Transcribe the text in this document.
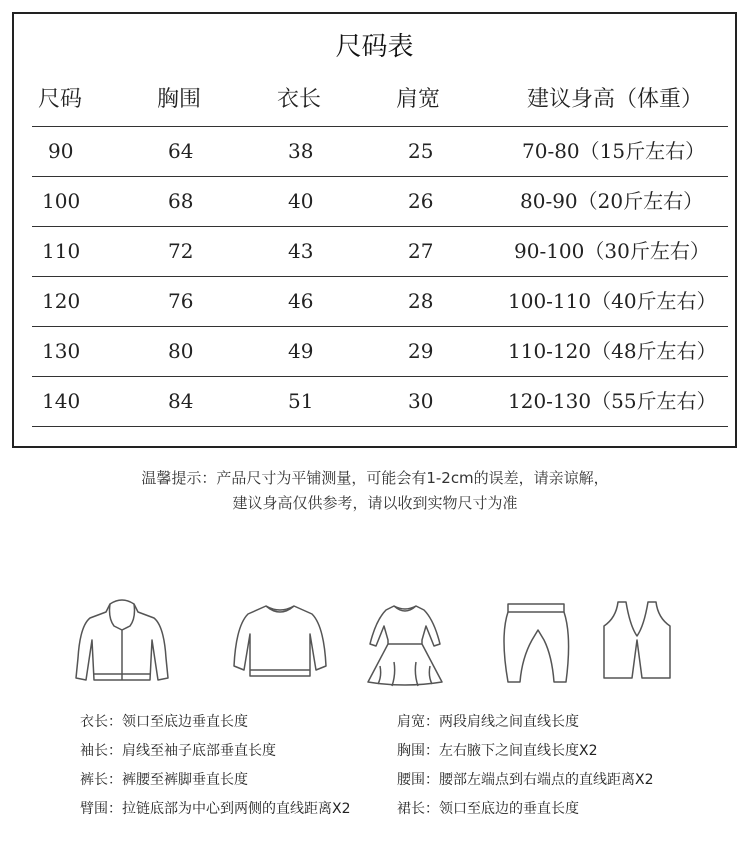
尺码表
尺码	胸围	衣长	肩宽	建议身高（体重）
90	64	38	25	70-80（15斤左右）
100	68	40	26	80-90（20斤左右）
110	72	43	27	90-100（30斤左右）
120	76	46	28	100-110（40斤左右）
130	80	49	29	110-120（48斤左右）
140	84	51	30	120-130（55斤左右）
温馨提示：产品尺寸为平铺测量，可能会有1-2cm的误差，请亲谅解，
建议身高仅供参考，请以收到实物尺寸为准
衣长：领口至底边垂直长度
袖长：肩线至袖子底部垂直长度
裤长：裤腰至裤脚垂直长度
臂围：拉链底部为中心到两侧的直线距离X2
肩宽：两段肩线之间直线长度
胸围：左右腋下之间直线长度X2
腰围：腰部左端点到右端点的直线距离X2
裙长：领口至底边的垂直长度
